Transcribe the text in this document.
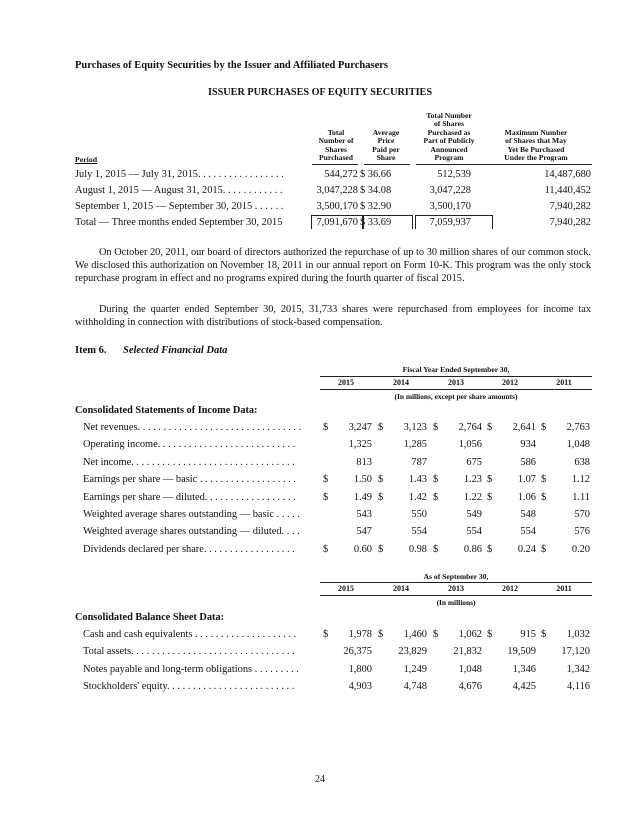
Purchases of Equity Securities by the Issuer and Affiliated Purchasers
ISSUER PURCHASES OF EQUITY SECURITIES
Total
Number of
Shares
Purchased
Average
Price
Paid per
Share
Total Number
of Shares
Purchased as
Part of Publicly
Announced
Program
Maximum Number
of Shares that May
Yet Be Purchased
Under the Program
Period
July 1, 2015 — July 31, 2015. . . . . . . . . . . . . . . . .	544,272 $ 36.66	512,539	14,487,680
August 1, 2015 — August 31, 2015. . . . . . . . . . . .	3,047,228 $ 34.08	3,047,228	11,440,452
September 1, 2015 — September 30, 2015 . . . . . .	3,500,170 $ 32.90	3,500,170	7,940,282
Total — Three months ended September 30, 2015	7,091,670 $ 33.69	7,059,937	7,940,282
On October 20, 2011, our board of directors authorized the repurchase of up to 30 million shares of our common stock. We disclosed this authorization on November 18, 2011 in our annual report on Form 10-K. This program was the only stock repurchase program in effect and no programs expired during the fourth quarter of fiscal 2015.
During the quarter ended September 30, 2015, 31,733 shares were repurchased from employees for income tax withholding in connection with distributions of stock-based compensation.
Item 6. Selected Financial Data
Fiscal Year Ended September 30,
2015	2014	2013	2012	2011
(In millions, except per share amounts)
Consolidated Statements of Income Data:
Net revenues. . . . . . . . . . . . . . . . . . . . . . . . . . . . . . . .	$	3,247 $	3,123 $	2,764 $	2,641 $	2,763
Operating income. . . . . . . . . . . . . . . . . . . . . . . . . . .	1,325	1,285	1,056	934	1,048
Net income. . . . . . . . . . . . . . . . . . . . . . . . . . . . . . . .	813	787	675	586	638
Earnings per share — basic . . . . . . . . . . . . . . . . . . .	$	1.50 $	1.43 $	1.23 $	1.07 $	1.12
Earnings per share — diluted. . . . . . . . . . . . . . . . . .	$	1.49 $	1.42 $	1.22 $	1.06 $	1.11
Weighted average shares outstanding — basic . . . . .	543	550	549	548	570
Weighted average shares outstanding — diluted. . . .	547	554	554	554	576
Dividends declared per share. . . . . . . . . . . . . . . . . .	$	0.60 $	0.98 $	0.86 $	0.24 $	0.20
As of September 30,
2015	2014	2013	2012	2011
(In millions)
Consolidated Balance Sheet Data:
Cash and cash equivalents . . . . . . . . . . . . . . . . . . . .	$	1,978 $	1,460 $	1,062 $	915 $	1,032
Total assets. . . . . . . . . . . . . . . . . . . . . . . . . . . . . . . .	26,375	23,829	21,832	19,509	17,120
Notes payable and long-term obligations . . . . . . . . .	1,800	1,249	1,048	1,346	1,342
Stockholders' equity. . . . . . . . . . . . . . . . . . . . . . . . .	4,903	4,748	4,676	4,425	4,116
24
